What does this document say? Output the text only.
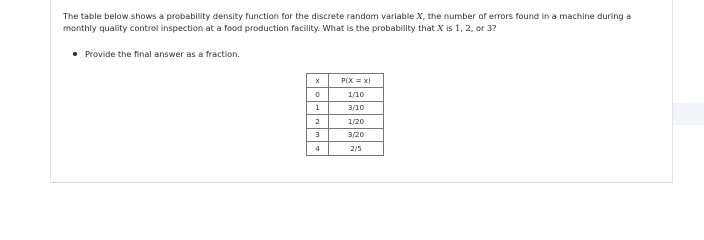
The table below shows a probability density function for the discrete random variable X, the number of errors found in a machine during a monthly quality control inspection at a food production facility. What is the probability that X is 1, 2, or 3?

Provide the final answer as a fraction.
x	P(X = x)
0	1/10
1	3/10
2	1/20
3	3/20
4	2/5
